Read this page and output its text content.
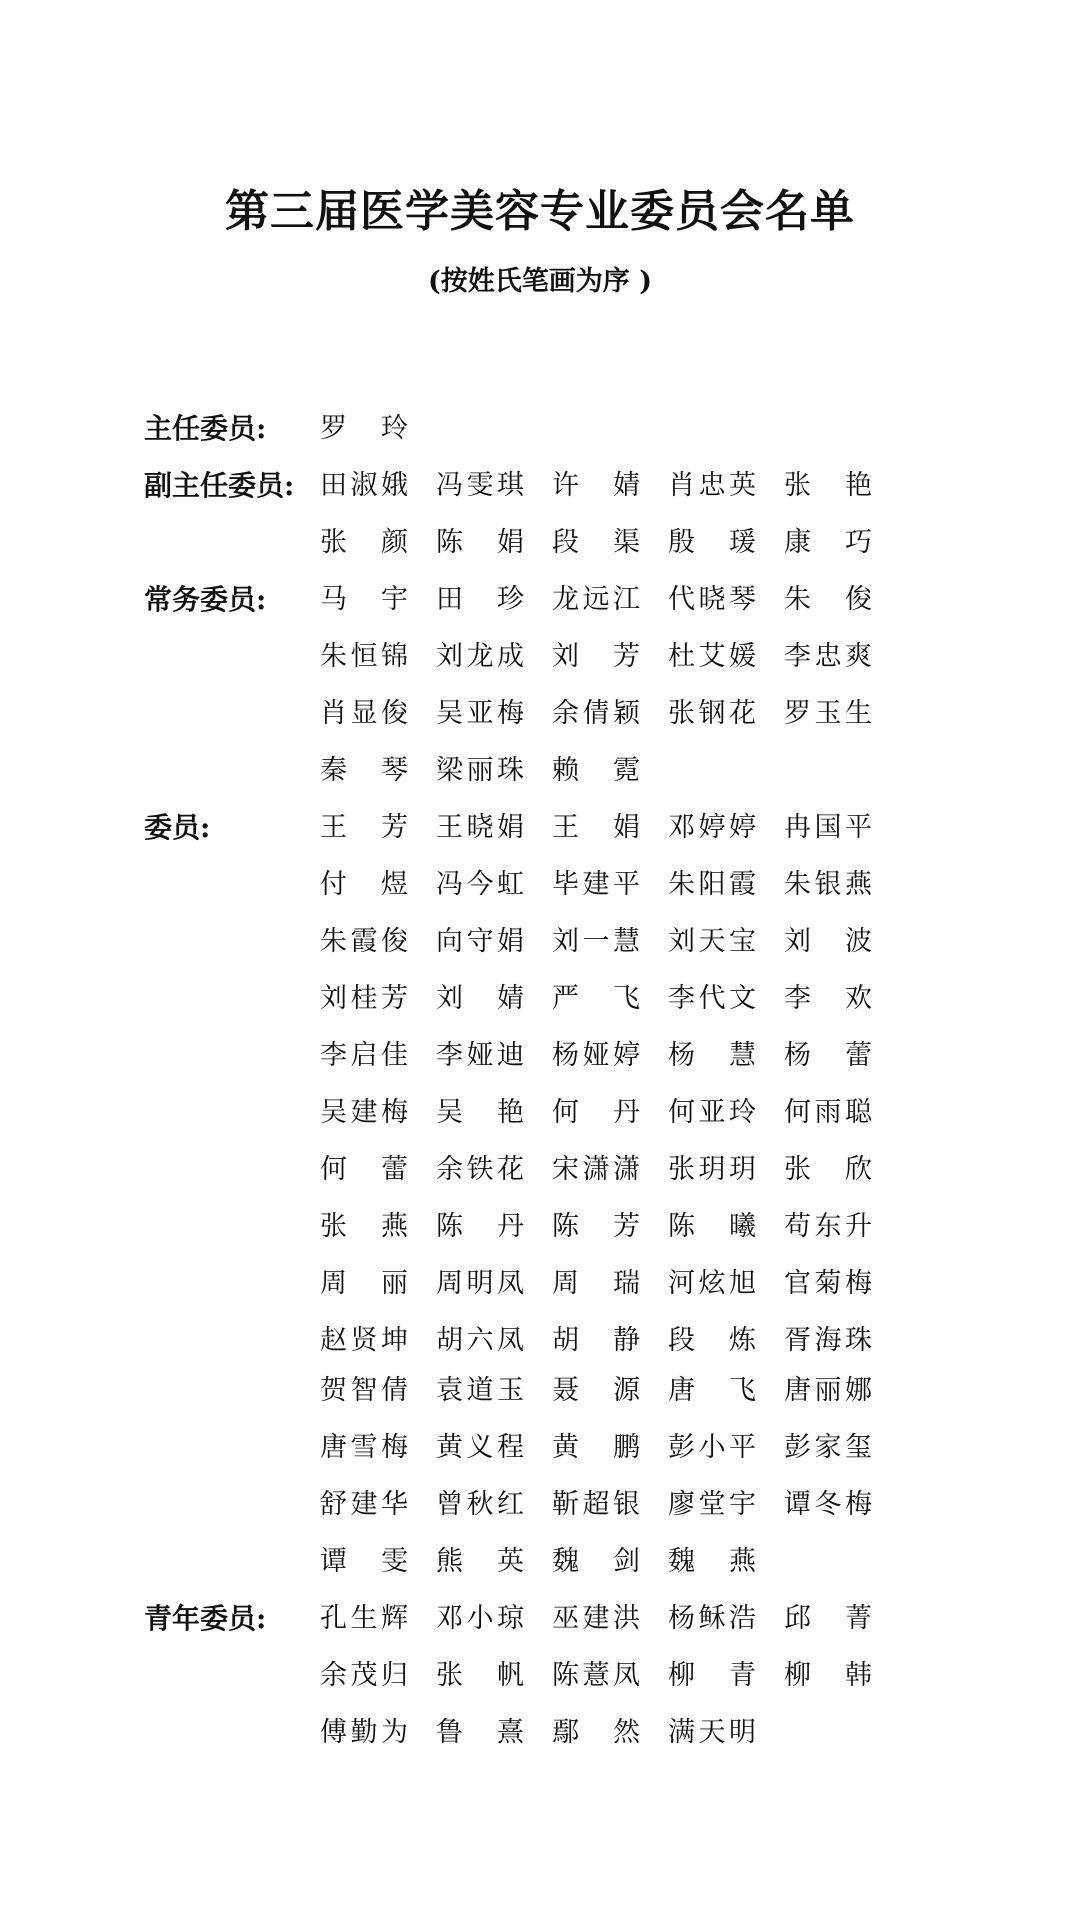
第三届医学美容专业委员会名单
(按姓氏笔画为序 )
主任委员: 罗 玲
副主任委员: 田 淑 娥 冯 雯 琪 许 婧 肖 忠 英 张 艳
张 颜 陈 娟 段 渠 殷 瑗 康 巧
常务委员: 马 宇 田 珍 龙 远 江 代 晓 琴 朱 俊
朱 恒 锦 刘 龙 成 刘 芳 杜 艾 媛 李 忠 爽
肖 显 俊 吴 亚 梅 余 倩 颖 张 钢 花 罗 玉 生
秦 琴 梁 丽 珠 赖 霓
委员:	王 芳 王 晓 娟 王 娟 邓 婷 婷 冉 国 平
付 煜 冯 今 虹 毕 建 平 朱 阳 霞 朱 银 燕
朱 霞 俊 向 守 娟 刘 一 慧 刘 天 宝 刘 波
刘 桂 芳 刘 婧 严 飞 李 代 文 李 欢
李 启 佳 李 娅 迪 杨 娅 婷 杨 慧 杨 蕾
吴 建 梅 吴 艳 何 丹 何 亚 玲 何 雨 聪
何 蕾 余 铁 花 宋 潇 潇 张 玥 玥 张 欣
张 燕 陈 丹 陈 芳 陈 曦 苟 东 升
周 丽 周 明 凤 周 瑞 河 炫 旭 官 菊 梅
赵 贤 坤 胡 六 凤 胡 静 段 炼 胥 海 珠
贺 智 倩 袁 道 玉 聂 源 唐 飞 唐 丽 娜
唐 雪 梅 黄 义 程 黄 鹏 彭 小 平 彭 家 玺
舒 建 华 曾 秋 红 靳 超 银 廖 堂 宇 谭 冬 梅
谭 雯 熊 英 魏 剑 魏 燕
青年委员: 孔 生 辉 邓 小 琼 巫 建 洪 杨 稣 浩 邱 菁
余 茂 归 张 帆 陈 薏 凤 柳 青 柳 韩
傅 勤 为 鲁 熹 鄢 然 满 天 明
